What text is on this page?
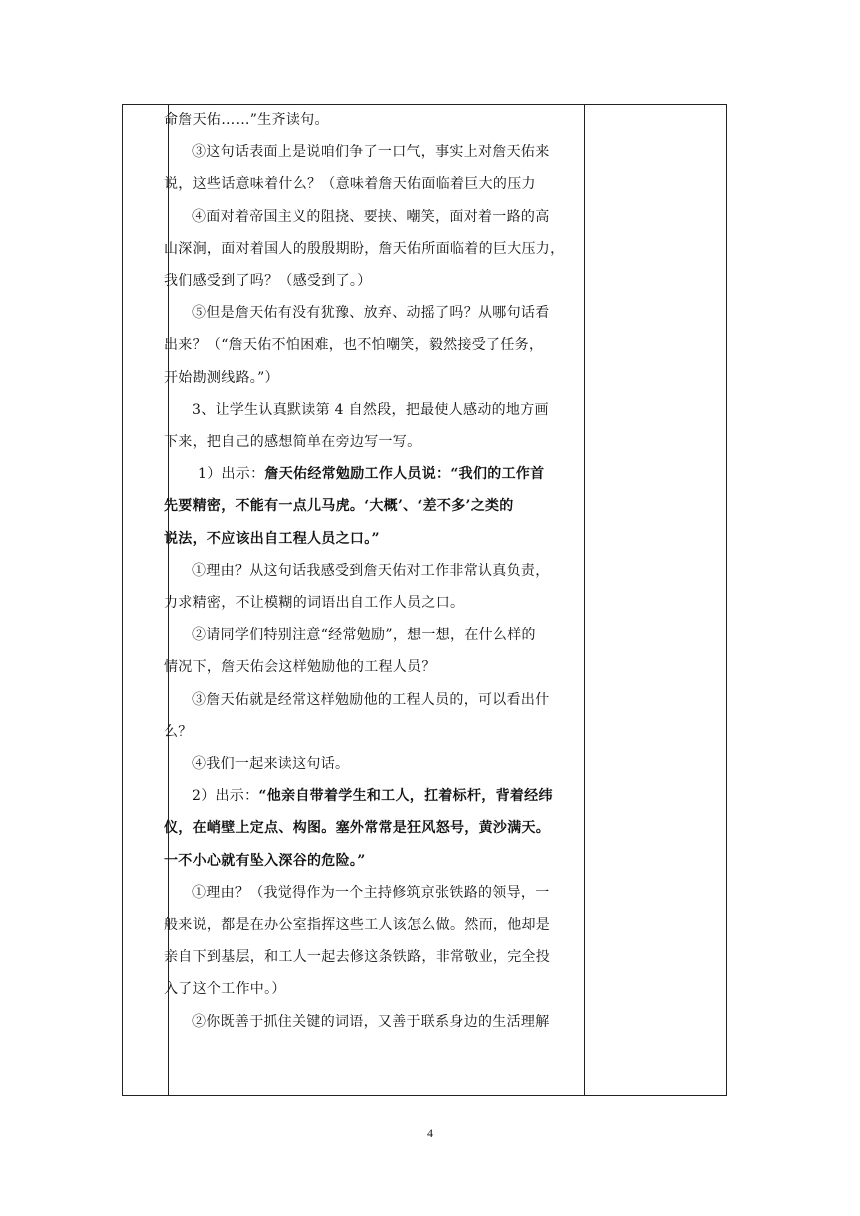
命詹天佑……”生齐读句。

③这句话表面上是说咱们争了一口气，事实上对詹天佑来

说，这些话意味着什么？（意味着詹天佑面临着巨大的压力

④面对着帝国主义的阻挠、要挟、嘲笑，面对着一路的高

山深涧，面对着国人的殷殷期盼，詹天佑所面临着的巨大压力，

我们感受到了吗？（感受到了。）

⑤但是詹天佑有没有犹豫、放弃、动摇了吗？从哪句话看

出来？（“詹天佑不怕困难，也不怕嘲笑，毅然接受了任务，

开始勘测线路。”）

3、让学生认真默读第 4 自然段，把最使人感动的地方画

下来，把自己的感想简单在旁边写一写。

1）出示：詹天佑经常勉励工作人员说：“我们的工作首

先要精密，不能有一点儿马虎。‘大概’、‘差不多’之类的

说法，不应该出自工程人员之口。”

①理由？从这句话我感受到詹天佑对工作非常认真负责，

力求精密，不让模糊的词语出自工作人员之口。

②请同学们特别注意“经常勉励”，想一想，在什么样的

情况下，詹天佑会这样勉励他的工程人员？

③詹天佑就是经常这样勉励他的工程人员的，可以看出什

么？

④我们一起来读这句话。

2）出示：“他亲自带着学生和工人，扛着标杆，背着经纬

仪，在峭壁上定点、构图。塞外常常是狂风怒号，黄沙满天。

一不小心就有坠入深谷的危险。”

①理由？（我觉得作为一个主持修筑京张铁路的领导，一

般来说，都是在办公室指挥这些工人该怎么做。然而，他却是

亲自下到基层，和工人一起去修这条铁路，非常敬业，完全投

入了这个工作中。）

②你既善于抓住关键的词语，又善于联系身边的生活理解

4
